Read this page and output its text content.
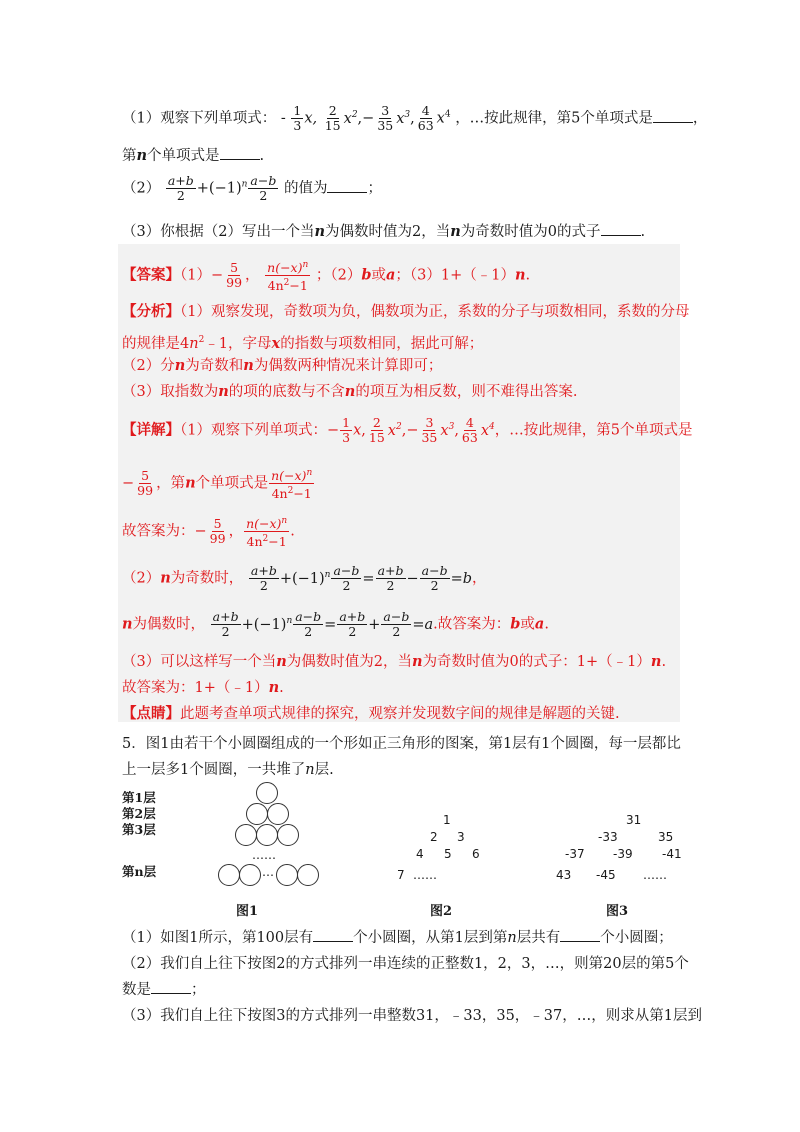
（1）观察下列单项式： - $\frac{1}{3} x$, $\frac{2}{15} x^2,- \frac{3}{35} x^3$, $\frac{4}{63} x^4$ ，…按此规律，第5个单项式是	，
第n个单项式是	.
$(2) \frac{a+b}{2} +(-1)^n \frac{a-b}{2}$ 的值为	；
（3）你根据（2）写出一个当n为偶数时值为2，当n为奇数时值为0的式子	.
【答案】$(1)- \frac{5}{99}$ ， $\frac{n(-x)^n}{4n^2-1}$ ；（2）b或a；（3）1+（﹣1）n.
【分析】（1）观察发现，奇数项为负，偶数项为正，系数的分子与项数相同，系数的分母
的规律是$4n^2﹣1$，字母x的指数与项数相同，据此可解；
（2）分n为奇数和n为偶数两种情况来计算即可；
（3）取指数为n的项的底数与不含n的项互为相反数，则不难得出答案.
【详解】（1）观察下列单项式：− $\frac{1}{3} x$, $\frac{2}{15} x^2,- \frac{3}{35} x^3$, $\frac{4}{63} x^4$，…按此规律，第5个单项式是
− $\frac{5}{99}$ ，第n个单项式是 $\frac{n(-x)^n}{4n^2-1}$
故答案为：− $\frac{5}{99}$ ， $\frac{n(-x)^n}{4n^2-1}$ .
（2）n为奇数时， $\frac{a+b}{2} +(-1)^n \frac{a-b}{2} = \frac{a+b}{2} - \frac{a-b}{2} =b$，
n为偶数时， $\frac{a+b}{2} +(-1)^n \frac{a-b}{2} = \frac{a+b}{2} + \frac{a-b}{2} =a$.故答案为：b或a.
（3）可以这样写一个当n为偶数时值为2，当n为奇数时值为0的式子：1+（﹣1）n.
故答案为：1+（﹣1）n.
【点睛】此题考查单项式规律的探究，观察并发现数字间的规律是解题的关键.
5．图1由若干个小圆圈组成的一个形如正三角形的图案，第1层有1个圆圈，每一层都比
上一层多1个圆圈，一共堆了n层.
第1层
第2层
第3层
第n层
……
⋯
1
2 3
4 5 6
7 ……
31
-33	35
-37 -39 -41
43 -45 ……
图1	图2	图3
（1）如图1所示，第100层有	个小圆圈，从第1层到第n层共有	个小圆圈；
（2）我们自上往下按图2的方式排列一串连续的正整数1，2，3，…，则第20层的第5个
数是	；
（3）我们自上往下按图3的方式排列一串整数31，﹣33，35，﹣37，…，则求从第1层到
